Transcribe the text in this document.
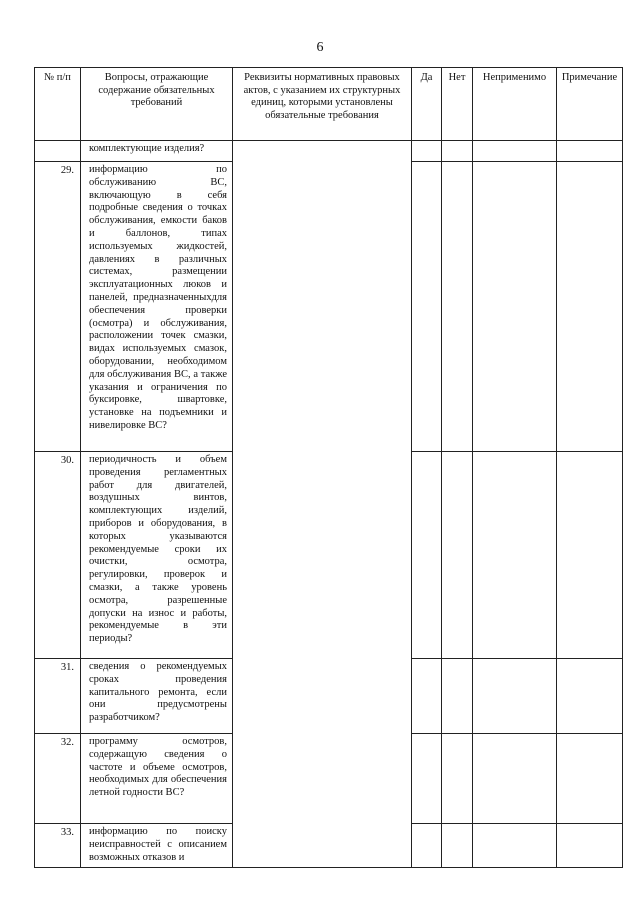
6
№ п/п	Вопросы, отражающие содержание обязательных требований	Реквизиты нормативных правовых актов, с указанием их структурных единиц, которыми установлены обязательные требования	Да	Нет	Неприменимо	Примечание
	комплектующие изделия?					
29.	информацию по обслуживанию ВС, включающую в себя подробные сведения о точках обслуживания, емкости баков и баллонов, типах используемых жидкостей, давлениях в различных системах, размещении эксплуатационных люков и панелей, предназначенныхдля обеспечения проверки (осмотра) и обслуживания, расположении точек смазки, видах используемых смазок, оборудовании, необходимом для обслуживания ВС, а также указания и ограничения по буксировке, швартовке, установке на подъемники и нивелировке ВС?					
30.	периодичность и объем проведения регламентных работ для двигателей, воздушных винтов, комплектующих изделий, приборов и оборудования, в которых указываются рекомендуемые сроки их очистки, осмотра, регулировки, проверок и смазки, а также уровень осмотра, разрешенные допуски на износ и работы, рекомендуемые в эти периоды?					
31.	сведения о рекомендуемых сроках проведения капитального ремонта, если они предусмотрены разработчиком?					
32.	программу осмотров, содержащую сведения о частоте и объеме осмотров, необходимых для обеспечения летной годности ВС?					
33.	информацию по поиску неисправностей с описанием возможных отказов и					
